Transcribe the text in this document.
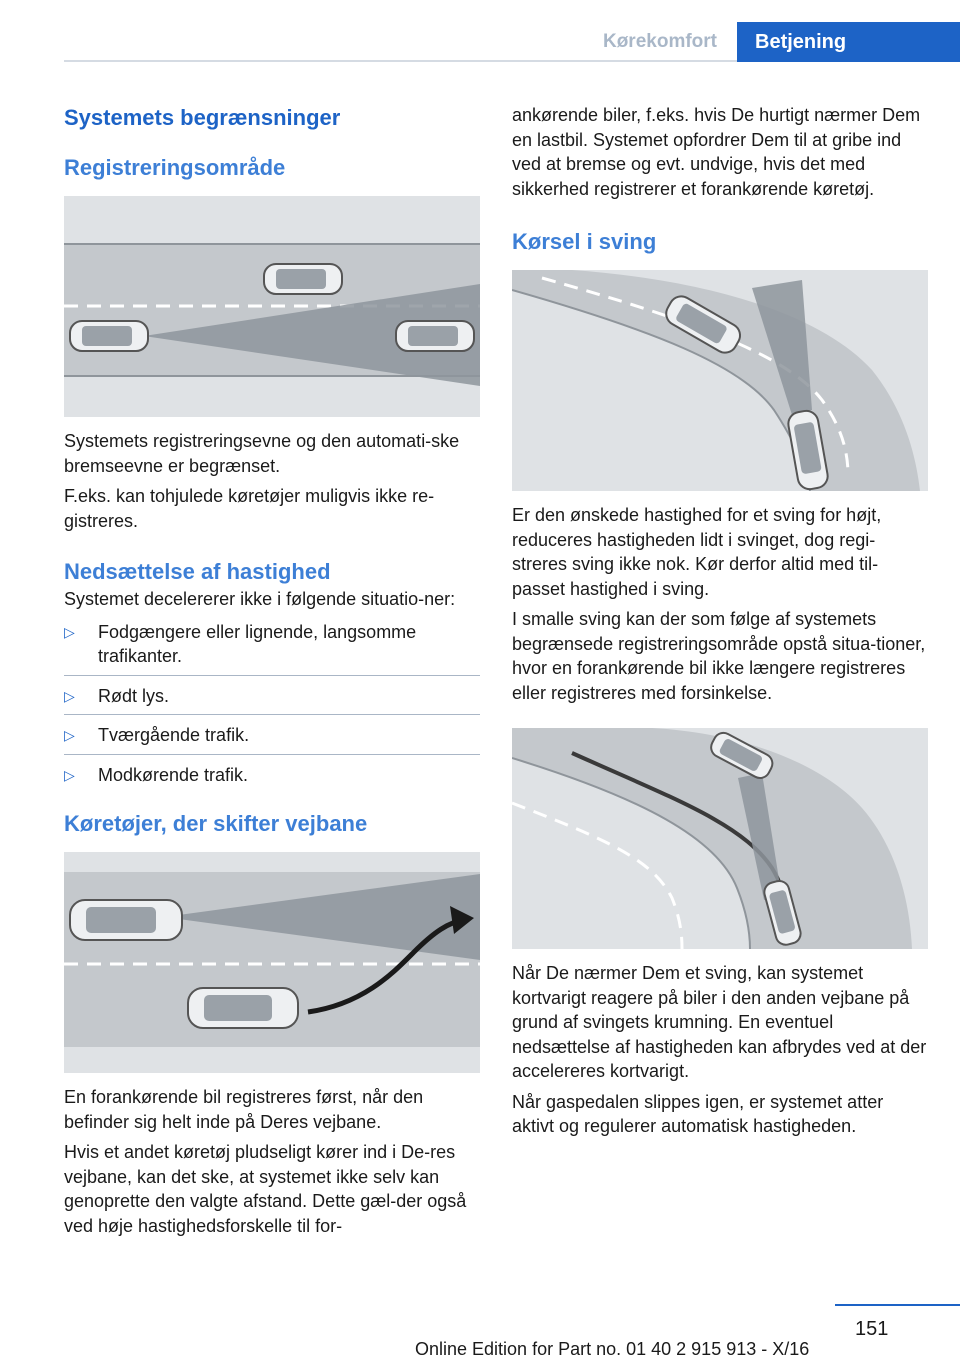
Kørekomfort	Betjening
Systemets begrænsninger
Registreringsområde

Systemets registreringsevne og den automati-ske bremseevne er begrænset.

F.eks. kan tohjulede køretøjer muligvis ikke re-gistreres.

Nedsættelse af hastighed

Systemet decelererer ikke i følgende situatio-ner:

▷ Fodgængere eller lignende, langsomme trafikanter.
▷ Rødt lys.
▷ Tværgående trafik.
▷ Modkørende trafik.
Køretøjer, der skifter vejbane

En forankørende bil registreres først, når den befinder sig helt inde på Deres vejbane.

Hvis et andet køretøj pludseligt kører ind i De-res vejbane, kan det ske, at systemet ikke selv kan genoprette den valgte afstand. Dette gæl-der også ved høje hastighedsforskelle til for-

ankørende biler, f.eks. hvis De hurtigt nærmer Dem en lastbil. Systemet opfordrer Dem til at gribe ind ved at bremse og evt. undvige, hvis det med sikkerhed registrerer et forankørende køretøj.

Kørsel i sving

Er den ønskede hastighed for et sving for højt, reduceres hastigheden lidt i svinget, dog regi-streres sving ikke nok. Kør derfor altid med til-passet hastighed i sving.

I smalle sving kan der som følge af systemets begrænsede registreringsområde opstå situa-tioner, hvor en forankørende bil ikke længere registreres eller registreres med forsinkelse.

Når De nærmer Dem et sving, kan systemet kortvarigt reagere på biler i den anden vejbane på grund af svingets krumning. En eventuel nedsættelse af hastigheden kan afbrydes ved at der accelereres kortvarigt.

Når gaspedalen slippes igen, er systemet atter aktivt og regulerer automatisk hastigheden.

151
Online Edition for Part no. 01 40 2 915 913 - X/16
